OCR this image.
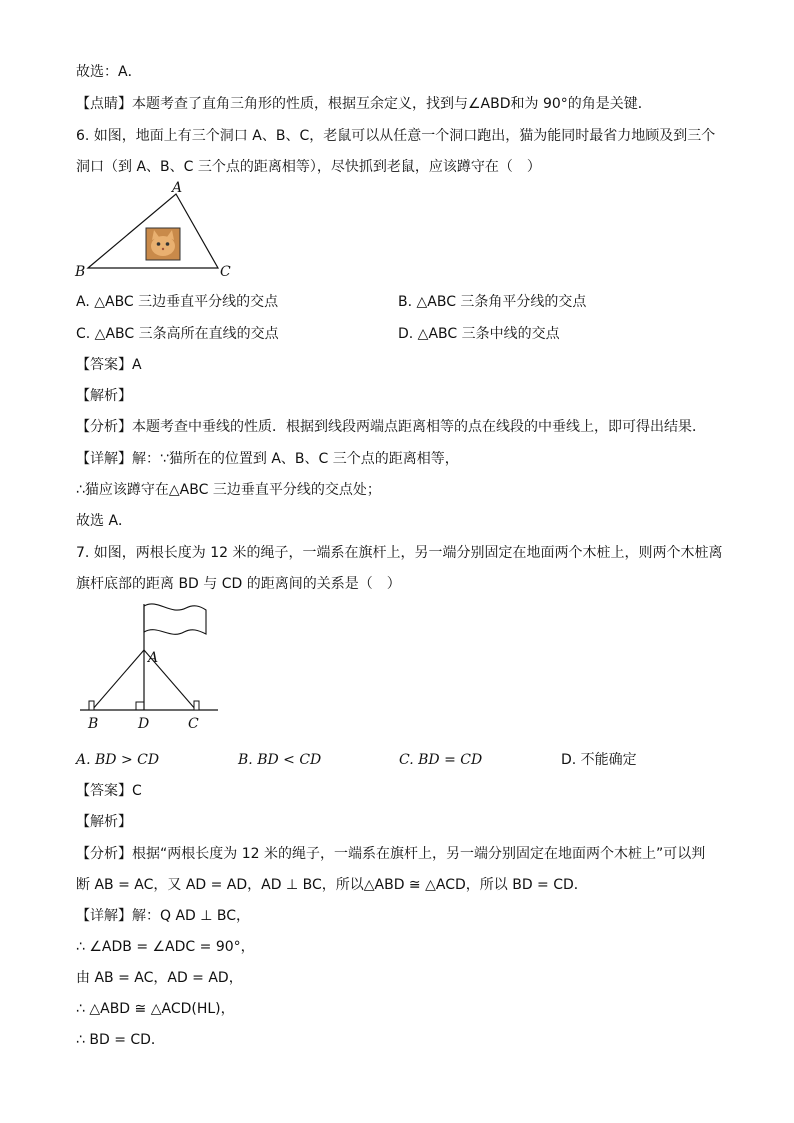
故选：A．
【点睛】本题考查了直角三角形的性质，根据互余定义，找到与∠ABD和为 90°的角是关键．
6. 如图，地面上有三个洞口 A、B、C，老鼠可以从任意一个洞口跑出，猫为能同时最省力地顾及到三个
洞口（到 A、B、C 三个点的距离相等），尽快抓到老鼠，应该蹲守在（　）
A
B	C
A. △ABC 三边垂直平分线的交点	B. △ABC 三条角平分线的交点
C. △ABC 三条高所在直线的交点	D. △ABC 三条中线的交点
【答案】A
【解析】
【分析】本题考查中垂线的性质．根据到线段两端点距离相等的点在线段的中垂线上，即可得出结果．
【详解】解：∵猫所在的位置到 A、B、C 三个点的距离相等，
∴猫应该蹲守在△ABC 三边垂直平分线的交点处；
故选 A．
7. 如图，两根长度为 12 米的绳子，一端系在旗杆上，另一端分别固定在地面两个木桩上，则两个木桩离
旗杆底部的距离 BD 与 CD 的距离间的关系是（　）
A
B	D	C
A. BD > CD	B. BD < CD	C. BD = CD	D. 不能确定
【答案】C
【解析】
【分析】根据“两根长度为 12 米的绳子，一端系在旗杆上，另一端分别固定在地面两个木桩上”可以判
断 AB = AC，又 AD = AD，AD ⊥ BC，所以△ABD ≅ △ACD，所以 BD = CD．
【详解】解：Q AD ⊥ BC，
∴ ∠ADB = ∠ADC = 90°，
由 AB = AC，AD = AD，
∴ △ABD ≅ △ACD(HL)，
∴ BD = CD．
